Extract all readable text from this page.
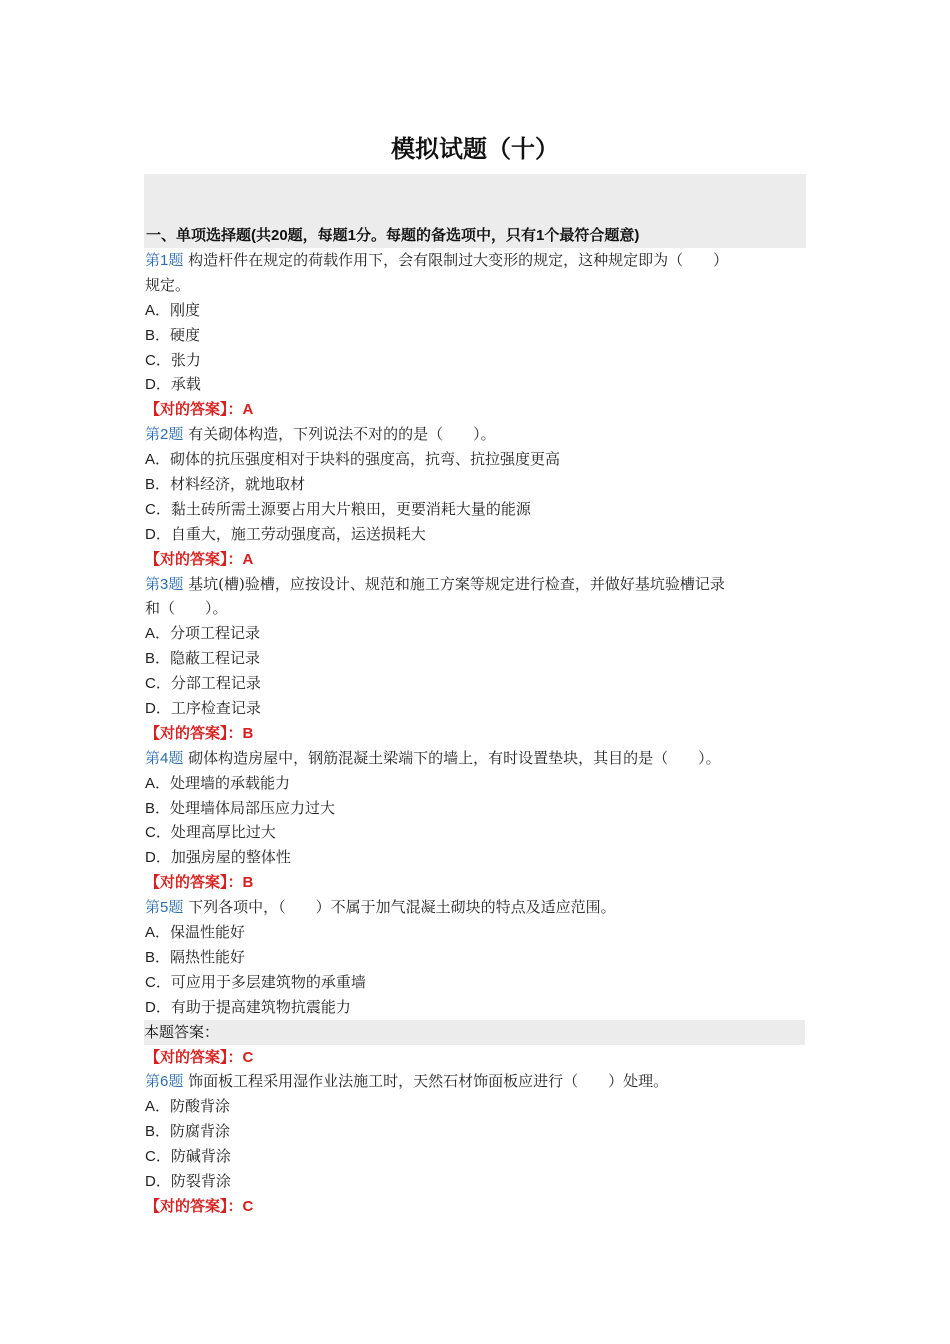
模拟试题（十）
一、单项选择题(共20题，每题1分。每题的备选项中，只有1个最符合题意)
第1题 构造杆件在规定的荷载作用下，会有限制过大变形的规定，这种规定即为（　　）
规定。
A．刚度
B．硬度
C．张力
D．承载
【对的答案】：A
第2题 有关砌体构造，下列说法不对的的是（　　）。
A．砌体的抗压强度相对于块料的强度高，抗弯、抗拉强度更高
B．材料经济，就地取材
C．黏土砖所需土源要占用大片粮田，更要消耗大量的能源
D．自重大，施工劳动强度高，运送损耗大
【对的答案】：A
第3题 基坑(槽)验槽，应按设计、规范和施工方案等规定进行检查，并做好基坑验槽记录
和（　　）。
A．分项工程记录
B．隐蔽工程记录
C．分部工程记录
D．工序检查记录
【对的答案】：B
第4题 砌体构造房屋中，钢筋混凝土梁端下的墙上，有时设置垫块，其目的是（　　）。
A．处理墙的承载能力
B．处理墙体局部压应力过大
C．处理高厚比过大
D．加强房屋的整体性
【对的答案】：B
第5题 下列各项中，（　　）不属于加气混凝土砌块的特点及适应范围。
A．保温性能好
B．隔热性能好
C．可应用于多层建筑物的承重墙
D．有助于提高建筑物抗震能力
本题答案：
【对的答案】：C
第6题 饰面板工程采用湿作业法施工时，天然石材饰面板应进行（　　）处理。
A．防酸背涂
B．防腐背涂
C．防碱背涂
D．防裂背涂
【对的答案】：C
